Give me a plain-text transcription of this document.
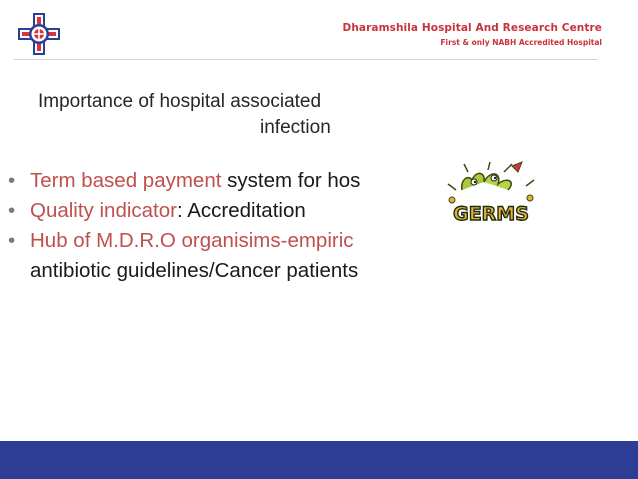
Dharamshila Hospital And Research Centre
First & only NABH Accredited Hospital
Importance of hospital associated
infection
• Term based payment system for hos
• Quality indicator: Accreditation
• Hub of M.D.R.O organisims-empiric
antibiotic guidelines/Cancer patients
GERMS
